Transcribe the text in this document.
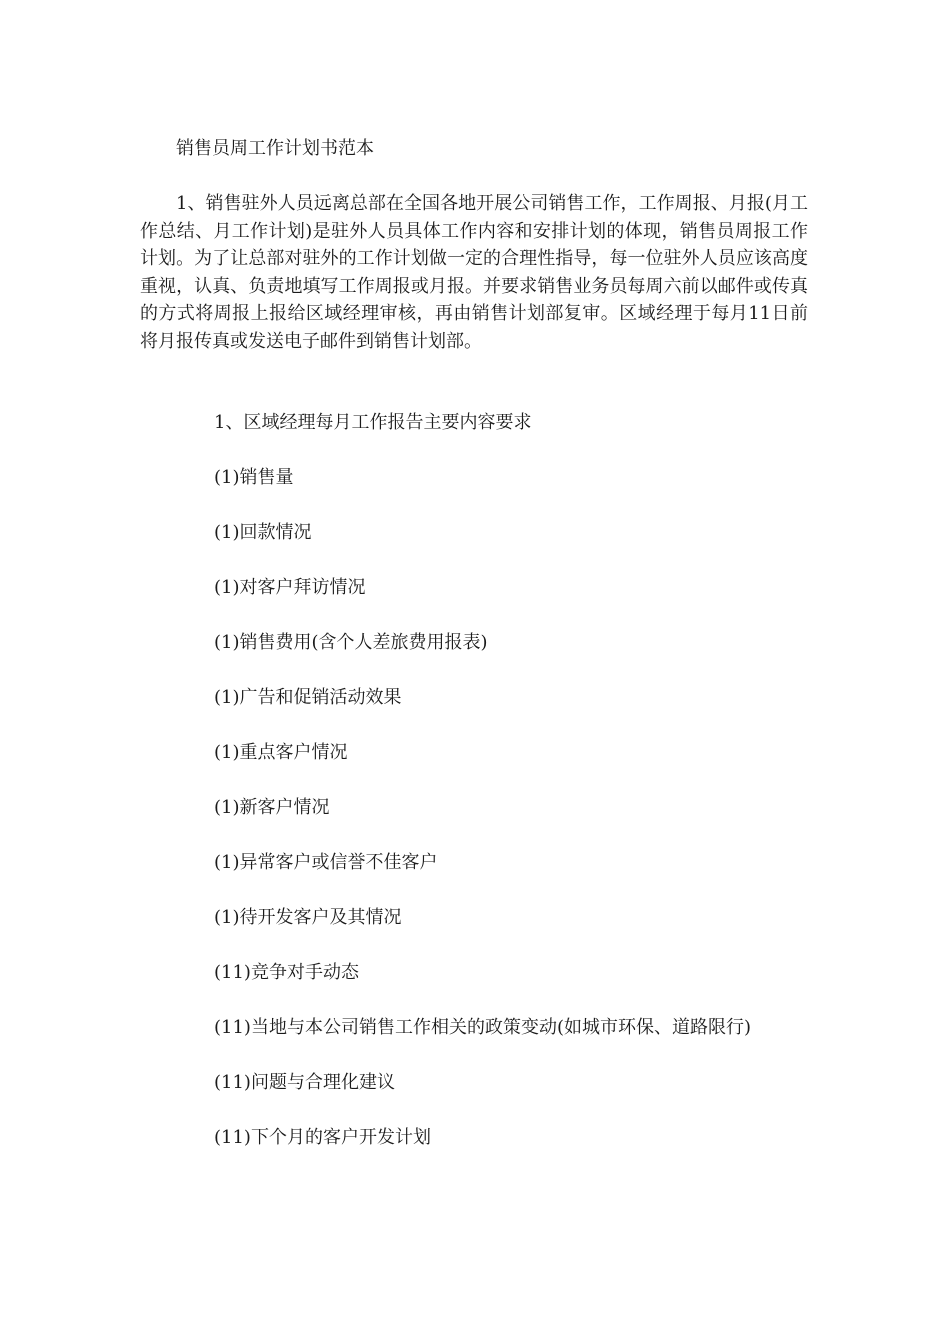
销售员周工作计划书范本

1、销售驻外人员远离总部在全国各地开展公司销售工作，工作周报、月报(月工作总结、月工作计划)是驻外人员具体工作内容和安排计划的体现，销售员周报工作计划。为了让总部对驻外的工作计划做一定的合理性指导，每一位驻外人员应该高度重视，认真、负责地填写工作周报或月报。并要求销售业务员每周六前以邮件或传真的方式将周报上报给区域经理审核，再由销售计划部复审。区域经理于每月11日前将月报传真或发送电子邮件到销售计划部。

1、区域经理每月工作报告主要内容要求

(1)销售量
(1)回款情况
(1)对客户拜访情况
(1)销售费用(含个人差旅费用报表)
(1)广告和促销活动效果
(1)重点客户情况
(1)新客户情况
(1)异常客户或信誉不佳客户
(1)待开发客户及其情况
(11)竞争对手动态
(11)当地与本公司销售工作相关的政策变动(如城市环保、道路限行)
(11)问题与合理化建议
(11)下个月的客户开发计划
